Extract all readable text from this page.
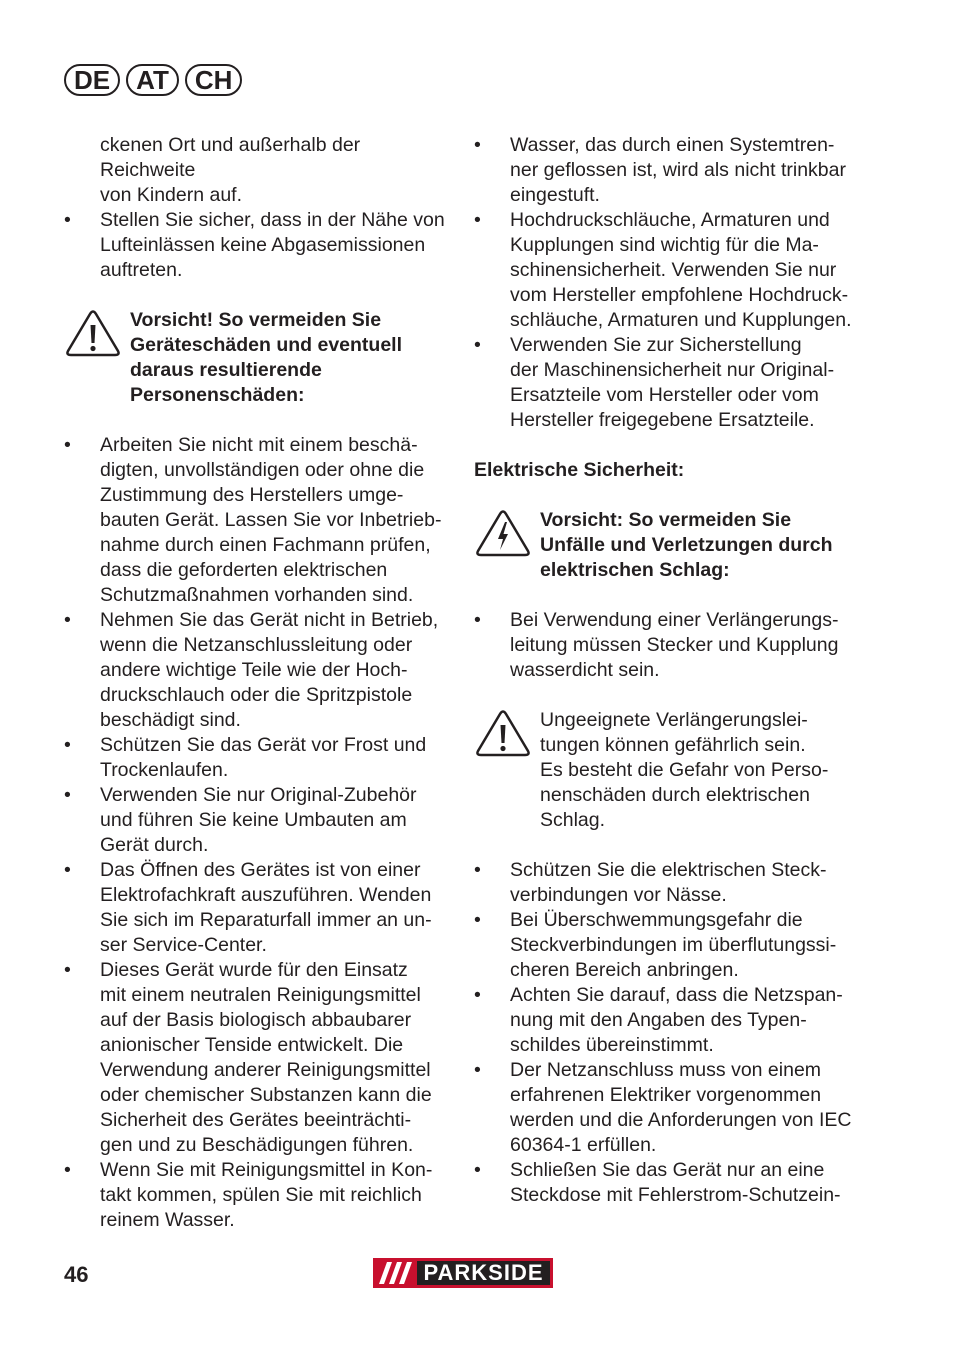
DE	AT	CH
ckenen Ort und außerhalb der Reichweite
von Kindern auf.
• Stellen Sie sicher, dass in der Nähe von
Lufteinlässen keine Abgasemissionen
auftreten.
Vorsicht! So vermeiden Sie
Geräteschäden und eventuell
daraus resultierende
Personenschäden:
• Arbeiten Sie nicht mit einem beschä-
digten, unvollständigen oder ohne die
Zustimmung des Herstellers umge-
bauten Gerät. Lassen Sie vor Inbetrieb-
nahme durch einen Fachmann prüfen,
dass die geforderten elektrischen
Schutzmaßnahmen vorhanden sind.
• Nehmen Sie das Gerät nicht in Betrieb,
wenn die Netzanschlussleitung oder
andere wichtige Teile wie der Hoch-
druckschlauch oder die Spritzpistole
beschädigt sind.
• Schützen Sie das Gerät vor Frost und
Trockenlaufen.
• Verwenden Sie nur Original-Zubehör
und führen Sie keine Umbauten am
Gerät durch.
• Das Öffnen des Gerätes ist von einer
Elektrofachkraft auszuführen. Wenden
Sie sich im Reparaturfall immer an un-
ser Service-Center.
• Dieses Gerät wurde für den Einsatz
mit einem neutralen Reinigungsmittel
auf der Basis biologisch abbaubarer
anionischer Tenside entwickelt. Die
Verwendung anderer Reinigungsmittel
oder chemischer Substanzen kann die
Sicherheit des Gerätes beeinträchti-
gen und zu Beschädigungen führen.
• Wenn Sie mit Reinigungsmittel in Kon-
takt kommen, spülen Sie mit reichlich
reinem Wasser.
• Wasser, das durch einen Systemtren-
ner geflossen ist, wird als nicht trinkbar
eingestuft.
• Hochdruckschläuche, Armaturen und
Kupplungen sind wichtig für die Ma-
schinensicherheit. Verwenden Sie nur
vom Hersteller empfohlene Hochdruck-
schläuche, Armaturen und Kupplungen.
• Verwenden Sie zur Sicherstellung
der Maschinensicherheit nur Original-
Ersatzteile vom Hersteller oder vom
Hersteller freigegebene Ersatzteile.

Elektrische Sicherheit:

Vorsicht: So vermeiden Sie
Unfälle und Verletzungen durch
elektrischen Schlag:
• Bei Verwendung einer Verlängerungs-
leitung müssen Stecker und Kupplung
wasserdicht sein.
Ungeeignete Verlängerungslei-
tungen können gefährlich sein.
Es besteht die Gefahr von Perso-
nenschäden durch elektrischen
Schlag.
• Schützen Sie die elektrischen Steck-
verbindungen vor Nässe.
• Bei Überschwemmungsgefahr die
Steckverbindungen im überflutungssi-
cheren Bereich anbringen.
• Achten Sie darauf, dass die Netzspan-
nung mit den Angaben des Typen-
schildes übereinstimmt.
• Der Netzanschluss muss von einem
erfahrenen Elektriker vorgenommen
werden und die Anforderungen von IEC
60364-1 erfüllen.
• Schließen Sie das Gerät nur an eine
Steckdose mit Fehlerstrom-Schutzein-
46	PARKSIDE
